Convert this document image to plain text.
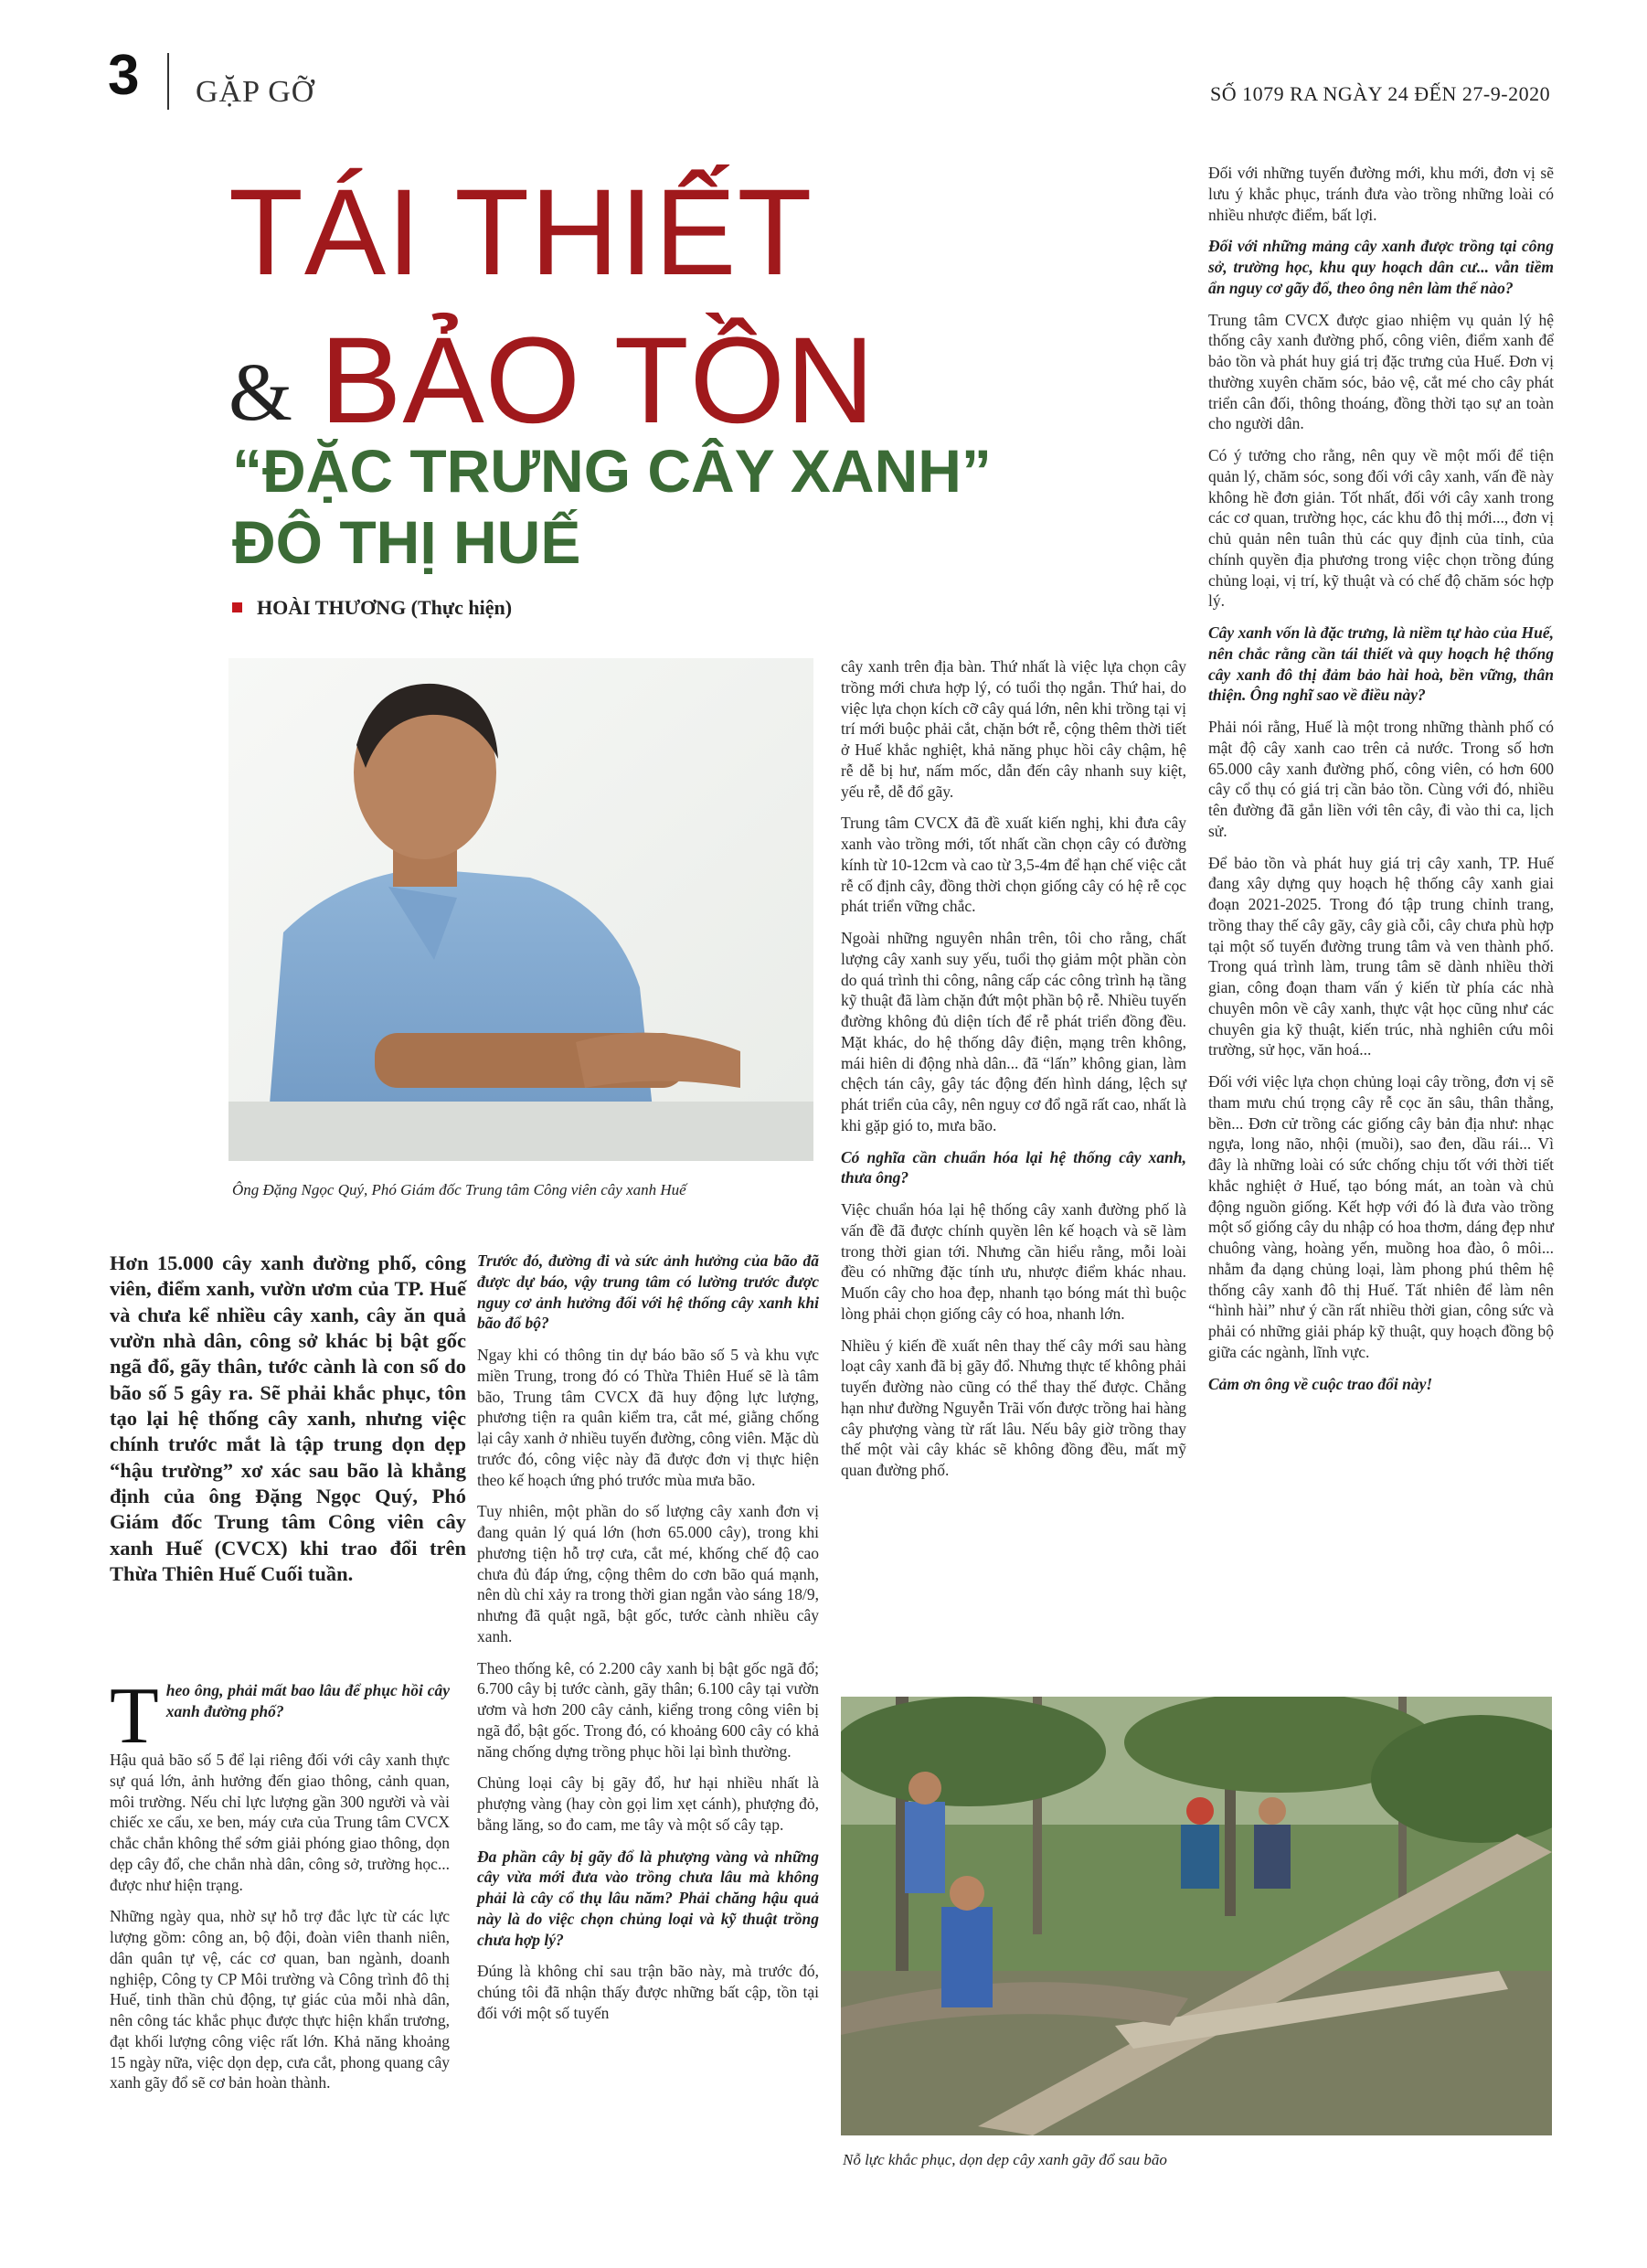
3 GẶP GỠ	SỐ 1079 RA NGÀY 24 ĐẾN 27-9-2020
TÁI THIẾT
& BẢO TỒN
“ĐẶC TRƯNG CÂY XANH”
ĐÔ THỊ HUẾ
HOÀI THƯƠNG (Thực hiện)
Ông Đặng Ngọc Quý, Phó Giám đốc Trung tâm Công viên cây xanh Huế
Hơn 15.000 cây xanh đường phố, công viên, điểm xanh, vườn ươm của TP. Huế và chưa kể nhiều cây xanh, cây ăn quả vườn nhà dân, công sở khác bị bật gốc ngã đổ, gãy thân, tước cành là con số do bão số 5 gây ra. Sẽ phải khắc phục, tôn tạo lại hệ thống cây xanh, nhưng việc chính trước mắt là tập trung dọn dẹp “hậu trường” xơ xác sau bão là khẳng định của ông Đặng Ngọc Quý, Phó Giám đốc Trung tâm Công viên cây xanh Huế (CVCX) khi trao đổi trên Thừa Thiên Huế Cuối tuần.
T heo ông, phải mất bao lâu để phục hồi cây xanh đường phố?

Hậu quả bão số 5 để lại riêng đối với cây xanh thực sự quá lớn, ảnh hưởng đến giao thông, cảnh quan, môi trường. Nếu chỉ lực lượng gần 300 người và vài chiếc xe cẩu, xe ben, máy cưa của Trung tâm CVCX chắc chắn không thể sớm giải phóng giao thông, dọn dẹp cây đổ, che chắn nhà dân, công sở, trường học... được như hiện trạng.

Những ngày qua, nhờ sự hỗ trợ đắc lực từ các lực lượng gồm: công an, bộ đội, đoàn viên thanh niên, dân quân tự vệ, các cơ quan, ban ngành, doanh nghiệp, Công ty CP Môi trường và Công trình đô thị Huế, tinh thần chủ động, tự giác của mỗi nhà dân, nên công tác khắc phục được thực hiện khẩn trương, đạt khối lượng công việc rất lớn. Khả năng khoảng 15 ngày nữa, việc dọn dẹp, cưa cắt, phong quang cây xanh gãy đổ sẽ cơ bản hoàn thành.

Trước đó, đường đi và sức ảnh hưởng của bão đã được dự báo, vậy trung tâm có lường trước được nguy cơ ảnh hưởng đối với hệ thống cây xanh khi bão đổ bộ?

Ngay khi có thông tin dự báo bão số 5 và khu vực miền Trung, trong đó có Thừa Thiên Huế sẽ là tâm bão, Trung tâm CVCX đã huy động lực lượng, phương tiện ra quân kiểm tra, cắt mé, giằng chống lại cây xanh ở nhiều tuyến đường, công viên. Mặc dù trước đó, công việc này đã được đơn vị thực hiện theo kế hoạch ứng phó trước mùa mưa bão.

Tuy nhiên, một phần do số lượng cây xanh đơn vị đang quản lý quá lớn (hơn 65.000 cây), trong khi phương tiện hỗ trợ cưa, cắt mé, khống chế độ cao chưa đủ đáp ứng, cộng thêm do cơn bão quá mạnh, nên dù chỉ xảy ra trong thời gian ngắn vào sáng 18/9, nhưng đã quật ngã, bật gốc, tước cành nhiều cây xanh.

Theo thống kê, có 2.200 cây xanh bị bật gốc ngã đổ; 6.700 cây bị tước cành, gãy thân; 6.100 cây tại vườn ươm và hơn 200 cây cảnh, kiểng trong công viên bị ngã đổ, bật gốc. Trong đó, có khoảng 600 cây có khả năng chống dựng trồng phục hồi lại bình thường.

Chủng loại cây bị gãy đổ, hư hại nhiều nhất là phượng vàng (hay còn gọi lim xẹt cánh), phượng đỏ, bằng lăng, so đo cam, me tây và một số cây tạp.

Đa phần cây bị gãy đổ là phượng vàng và những cây vừa mới đưa vào trồng chưa lâu mà không phải là cây cổ thụ lâu năm? Phải chăng hậu quả này là do việc chọn chủng loại và kỹ thuật trồng chưa hợp lý?

Đúng là không chỉ sau trận bão này, mà trước đó, chúng tôi đã nhận thấy được những bất cập, tồn tại đối với một số tuyến

cây xanh trên địa bàn. Thứ nhất là việc lựa chọn cây trồng mới chưa hợp lý, có tuổi thọ ngắn. Thứ hai, do việc lựa chọn kích cỡ cây quá lớn, nên khi trồng tại vị trí mới buộc phải cắt, chặn bớt rễ, cộng thêm thời tiết ở Huế khắc nghiệt, khả năng phục hồi cây chậm, hệ rễ dễ bị hư, nấm mốc, dẫn đến cây nhanh suy kiệt, yếu rễ, dễ đổ gãy.

Trung tâm CVCX đã đề xuất kiến nghị, khi đưa cây xanh vào trồng mới, tốt nhất cần chọn cây có đường kính từ 10-12cm và cao từ 3,5-4m để hạn chế việc cắt rễ cố định cây, đồng thời chọn giống cây có hệ rễ cọc phát triển vững chắc.

Ngoài những nguyên nhân trên, tôi cho rằng, chất lượng cây xanh suy yếu, tuổi thọ giảm một phần còn do quá trình thi công, nâng cấp các công trình hạ tầng kỹ thuật đã làm chặn đứt một phần bộ rễ. Nhiều tuyến đường không đủ diện tích để rễ phát triển đồng đều. Mặt khác, do hệ thống dây điện, mạng trên không, mái hiên di động nhà dân... đã “lấn” không gian, làm chệch tán cây, gây tác động đến hình dáng, lệch sự phát triển của cây, nên nguy cơ đổ ngã rất cao, nhất là khi gặp gió to, mưa bão.

Có nghĩa cần chuẩn hóa lại hệ thống cây xanh, thưa ông?

Việc chuẩn hóa lại hệ thống cây xanh đường phố là vấn đề đã được chính quyền lên kế hoạch và sẽ làm trong thời gian tới. Nhưng cần hiểu rằng, mỗi loài đều có những đặc tính ưu, nhược điểm khác nhau. Muốn cây cho hoa đẹp, nhanh tạo bóng mát thì buộc lòng phải chọn giống cây có hoa, nhanh lớn.

Nhiều ý kiến đề xuất nên thay thế cây mới sau hàng loạt cây xanh đã bị gãy đổ. Nhưng thực tế không phải tuyến đường nào cũng có thể thay thế được. Chẳng hạn như đường Nguyễn Trãi vốn được trồng hai hàng cây phượng vàng từ rất lâu. Nếu bây giờ trồng thay thế một vài cây khác sẽ không đồng đều, mất mỹ quan đường phố.

Đối với những tuyến đường mới, khu mới, đơn vị sẽ lưu ý khắc phục, tránh đưa vào trồng những loài có nhiều nhược điểm, bất lợi.

Đối với những mảng cây xanh được trồng tại công sở, trường học, khu quy hoạch dân cư... vẫn tiềm ẩn nguy cơ gãy đổ, theo ông nên làm thế nào?

Trung tâm CVCX được giao nhiệm vụ quản lý hệ thống cây xanh đường phố, công viên, điểm xanh để bảo tồn và phát huy giá trị đặc trưng của Huế. Đơn vị thường xuyên chăm sóc, bảo vệ, cắt mé cho cây phát triển cân đối, thông thoáng, đồng thời tạo sự an toàn cho người dân.

Có ý tưởng cho rằng, nên quy về một mối để tiện quản lý, chăm sóc, song đối với cây xanh, vấn đề này không hề đơn giản. Tốt nhất, đối với cây xanh trong các cơ quan, trường học, các khu đô thị mới..., đơn vị chủ quản nên tuân thủ các quy định của tỉnh, của chính quyền địa phương trong việc chọn trồng đúng chủng loại, vị trí, kỹ thuật và có chế độ chăm sóc hợp lý.

Cây xanh vốn là đặc trưng, là niềm tự hào của Huế, nên chắc rằng cần tái thiết và quy hoạch hệ thống cây xanh đô thị đảm bảo hài hoà, bền vững, thân thiện. Ông nghĩ sao về điều này?

Phải nói rằng, Huế là một trong những thành phố có mật độ cây xanh cao trên cả nước. Trong số hơn 65.000 cây xanh đường phố, công viên, có hơn 600 cây cổ thụ có giá trị cần bảo tồn. Cùng với đó, nhiều tên đường đã gắn liền với tên cây, đi vào thi ca, lịch sử.

Để bảo tồn và phát huy giá trị cây xanh, TP. Huế đang xây dựng quy hoạch hệ thống cây xanh giai đoạn 2021-2025. Trong đó tập trung chỉnh trang, trồng thay thế cây gãy, cây già cỗi, cây chưa phù hợp tại một số tuyến đường trung tâm và ven thành phố. Trong quá trình làm, trung tâm sẽ dành nhiều thời gian, công đoạn tham vấn ý kiến từ phía các nhà chuyên môn về cây xanh, thực vật học cũng như các chuyên gia kỹ thuật, kiến trúc, nhà nghiên cứu môi trường, sử học, văn hoá...

Đối với việc lựa chọn chủng loại cây trồng, đơn vị sẽ tham mưu chú trọng cây rễ cọc ăn sâu, thân thẳng, bền... Đơn cử trồng các giống cây bản địa như: nhạc ngựa, long não, nhội (muồi), sao đen, dầu rái... Vì đây là những loài có sức chống chịu tốt với thời tiết khắc nghiệt ở Huế, tạo bóng mát, an toàn và chủ động nguồn giống. Kết hợp với đó là đưa vào trồng một số giống cây du nhập có hoa thơm, dáng đẹp như chuông vàng, hoàng yến, muồng hoa đào, ô môi... nhằm đa dạng chủng loại, làm phong phú thêm hệ thống cây xanh đô thị Huế. Tất nhiên để làm nên “hình hài” như ý cần rất nhiều thời gian, công sức và phải có những giải pháp kỹ thuật, quy hoạch đồng bộ giữa các ngành, lĩnh vực.

Cảm ơn ông về cuộc trao đổi này!

Nỗ lực khắc phục, dọn dẹp cây xanh gãy đổ sau bão
